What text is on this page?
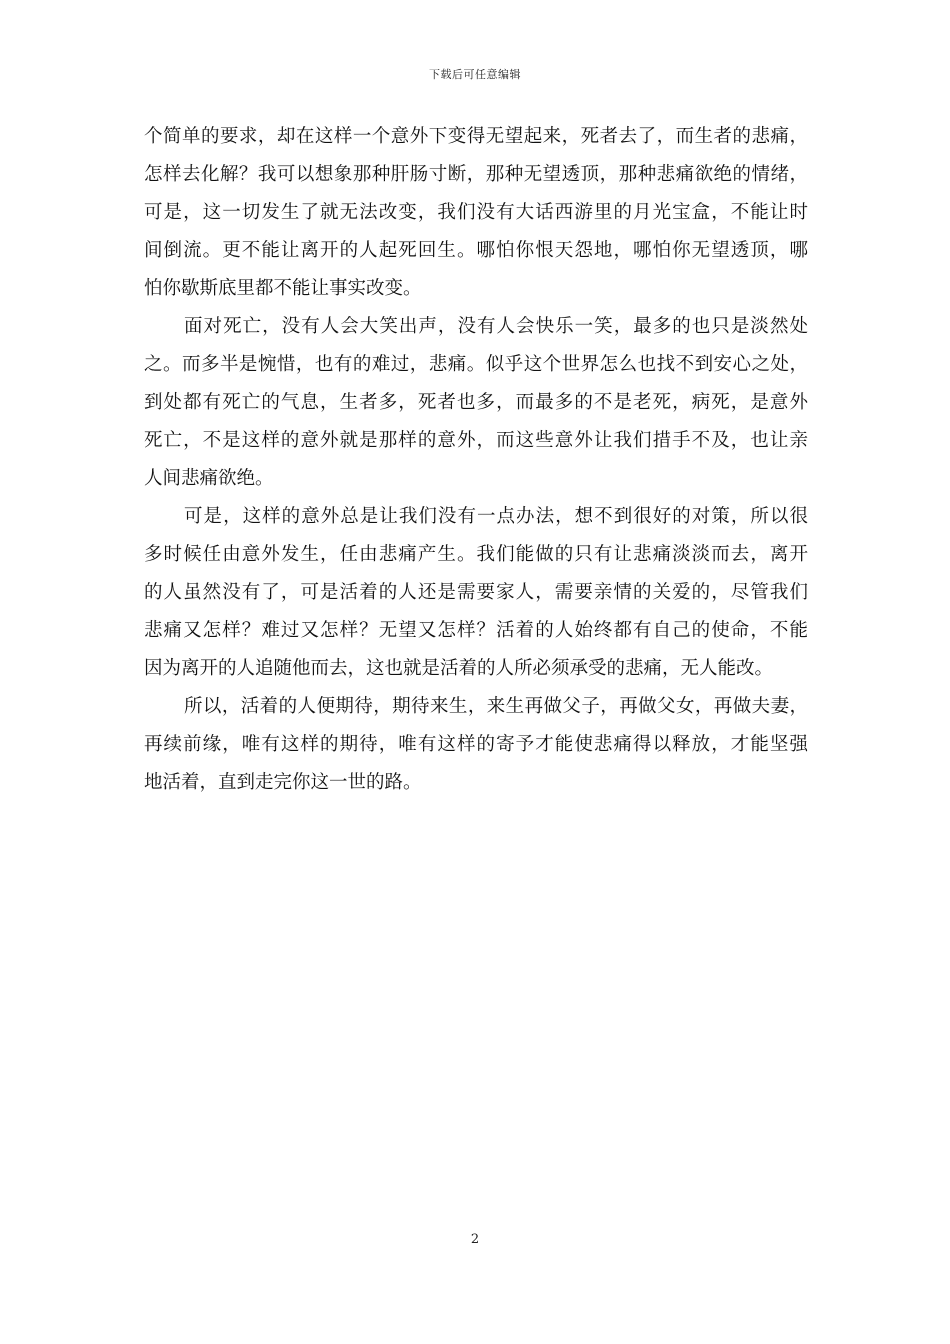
下载后可任意编辑
个简单的要求，却在这样一个意外下变得无望起来，死者去了，而生者的悲痛，
怎样去化解？我可以想象那种肝肠寸断，那种无望透顶，那种悲痛欲绝的情绪，
可是，这一切发生了就无法改变，我们没有大话西游里的月光宝盒，不能让时
间倒流。更不能让离开的人起死回生。哪怕你恨天怨地，哪怕你无望透顶，哪
怕你歇斯底里都不能让事实改变。
面对死亡，没有人会大笑出声，没有人会快乐一笑，最多的也只是淡然处
之。而多半是惋惜，也有的难过，悲痛。似乎这个世界怎么也找不到安心之处，
到处都有死亡的气息，生者多，死者也多，而最多的不是老死，病死，是意外
死亡，不是这样的意外就是那样的意外，而这些意外让我们措手不及，也让亲
人间悲痛欲绝。
可是，这样的意外总是让我们没有一点办法，想不到很好的对策，所以很
多时候任由意外发生，任由悲痛产生。我们能做的只有让悲痛淡淡而去，离开
的人虽然没有了，可是活着的人还是需要家人，需要亲情的关爱的，尽管我们
悲痛又怎样？难过又怎样？无望又怎样？活着的人始终都有自己的使命，不能
因为离开的人追随他而去，这也就是活着的人所必须承受的悲痛，无人能改。
所以，活着的人便期待，期待来生，来生再做父子，再做父女，再做夫妻，
再续前缘，唯有这样的期待，唯有这样的寄予才能使悲痛得以释放，才能坚强
地活着，直到走完你这一世的路。
2
